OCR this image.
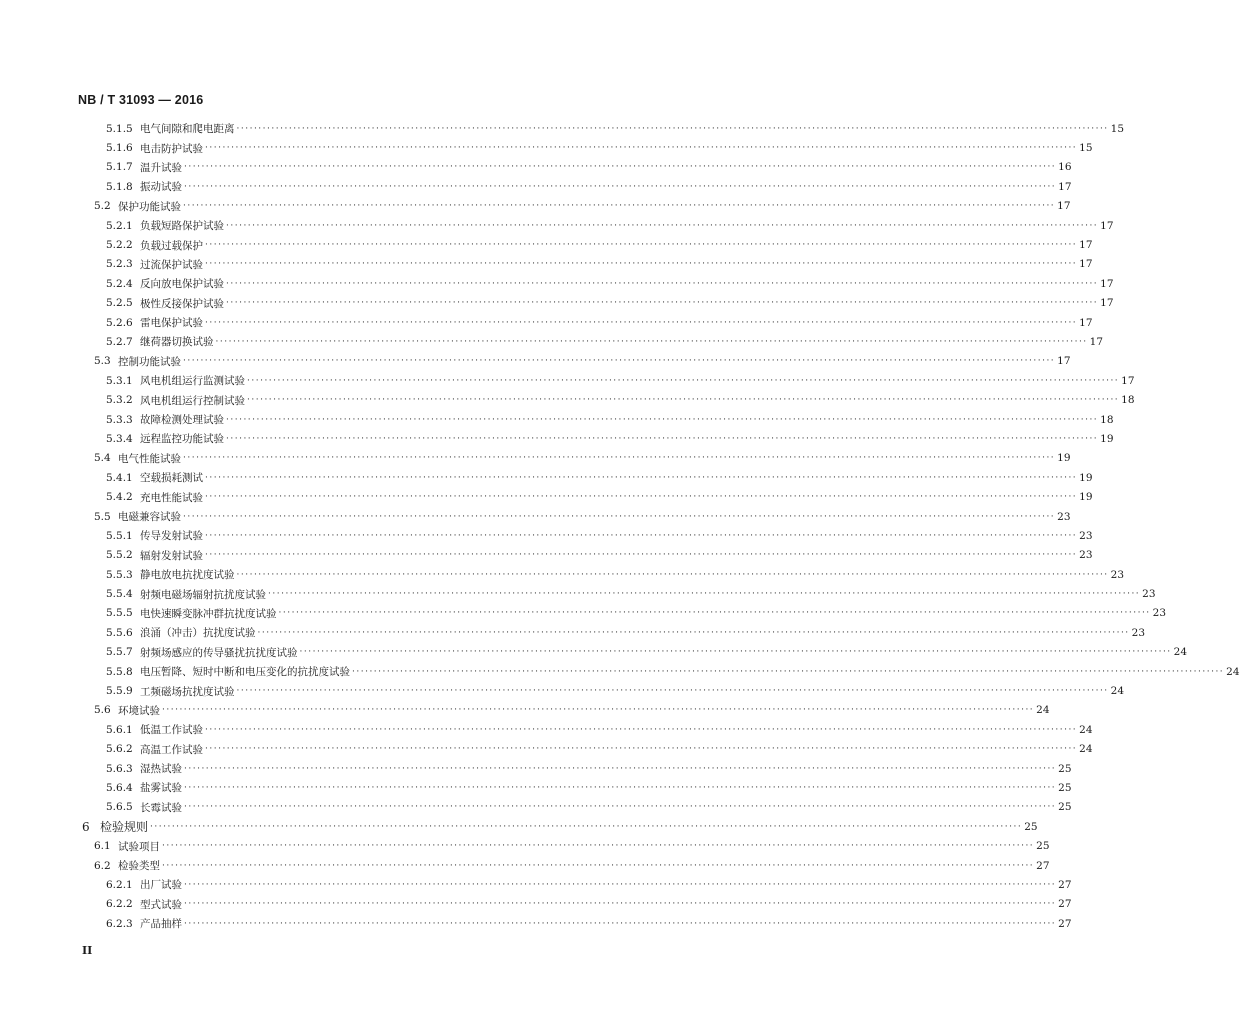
NB / T 31093 — 2016
5.1.5 电气间隙和爬电距离 ········································································································································································································ 15
5.1.6 电击防护试验 ········································································································································································································ 15
5.1.7 温升试验 ········································································································································································································ 16
5.1.8 振动试验 ········································································································································································································ 17
5.2 保护功能试验 ········································································································································································································ 17
5.2.1 负载短路保护试验 ········································································································································································································ 17
5.2.2 负载过载保护 ········································································································································································································ 17
5.2.3 过流保护试验 ········································································································································································································ 17
5.2.4 反向放电保护试验 ········································································································································································································ 17
5.2.5 极性反接保护试验 ········································································································································································································ 17
5.2.6 雷电保护试验 ········································································································································································································ 17
5.2.7 继荷器切换试验 ········································································································································································································ 17
5.3 控制功能试验 ········································································································································································································ 17
5.3.1 风电机组运行监测试验 ········································································································································································································ 17
5.3.2 风电机组运行控制试验 ········································································································································································································ 18
5.3.3 故障检测处理试验 ········································································································································································································ 18
5.3.4 远程监控功能试验 ········································································································································································································ 19
5.4 电气性能试验 ········································································································································································································ 19
5.4.1 空载损耗测试 ········································································································································································································ 19
5.4.2 充电性能试验 ········································································································································································································ 19
5.5 电磁兼容试验 ········································································································································································································ 23
5.5.1 传导发射试验 ········································································································································································································ 23
5.5.2 辐射发射试验 ········································································································································································································ 23
5.5.3 静电放电抗扰度试验 ········································································································································································································ 23
5.5.4 射频电磁场辐射抗扰度试验 ········································································································································································································ 23
5.5.5 电快速瞬变脉冲群抗扰度试验 ········································································································································································································ 23
5.5.6 浪涌（冲击）抗扰度试验 ········································································································································································································ 23
5.5.7 射频场感应的传导骚扰抗扰度试验 ········································································································································································································ 24
5.5.8 电压暂降、短时中断和电压变化的抗扰度试验 ········································································································································································································ 24
5.5.9 工频磁场抗扰度试验 ········································································································································································································ 24
5.6 环境试验 ········································································································································································································ 24
5.6.1 低温工作试验 ········································································································································································································ 24
5.6.2 高温工作试验 ········································································································································································································ 24
5.6.3 湿热试验 ········································································································································································································ 25
5.6.4 盐雾试验 ········································································································································································································ 25
5.6.5 长霉试验 ········································································································································································································ 25
6 检验规则 ········································································································································································································ 25
6.1 试验项目 ········································································································································································································ 25
6.2 检验类型 ········································································································································································································ 27
6.2.1 出厂试验 ········································································································································································································ 27
6.2.2 型式试验 ········································································································································································································ 27
6.2.3 产品抽样 ········································································································································································································ 27
II
